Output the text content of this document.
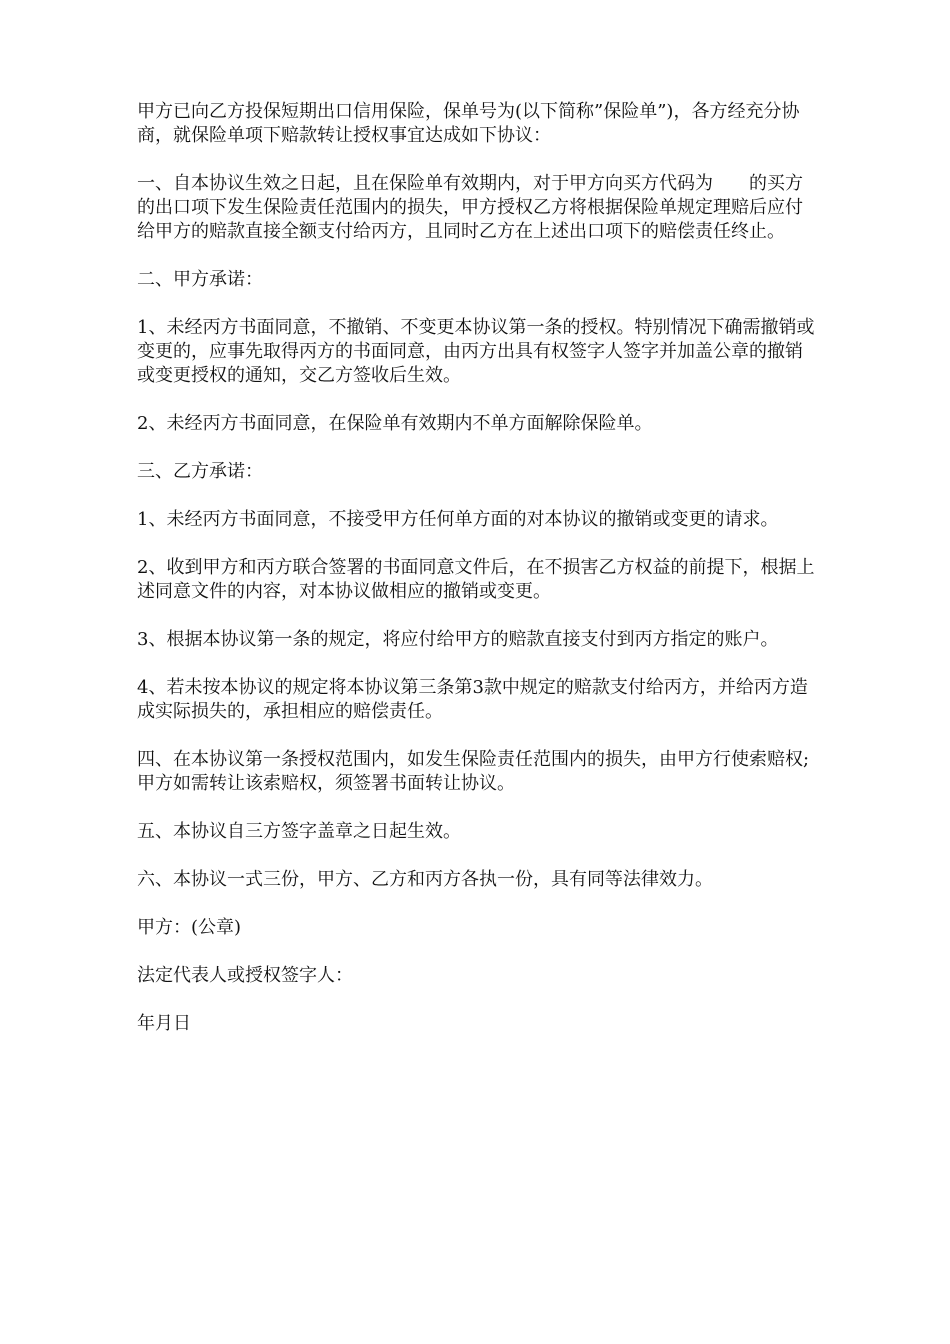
甲方已向乙方投保短期出口信用保险，保单号为(以下简称”保险单”)，各方经充分协商，就保险单项下赔款转让授权事宜达成如下协议：

一、自本协议生效之日起，且在保险单有效期内，对于甲方向买方代码为　　的买方的出口项下发生保险责任范围内的损失，甲方授权乙方将根据保险单规定理赔后应付给甲方的赔款直接全额支付给丙方，且同时乙方在上述出口项下的赔偿责任终止。

二、甲方承诺：

1、未经丙方书面同意，不撤销、不变更本协议第一条的授权。特别情况下确需撤销或变更的，应事先取得丙方的书面同意，由丙方出具有权签字人签字并加盖公章的撤销或变更授权的通知，交乙方签收后生效。

2、未经丙方书面同意，在保险单有效期内不单方面解除保险单。

三、乙方承诺：

1、未经丙方书面同意，不接受甲方任何单方面的对本协议的撤销或变更的请求。

2、收到甲方和丙方联合签署的书面同意文件后，在不损害乙方权益的前提下，根据上述同意文件的内容，对本协议做相应的撤销或变更。

3、根据本协议第一条的规定，将应付给甲方的赔款直接支付到丙方指定的账户。

4、若未按本协议的规定将本协议第三条第3款中规定的赔款支付给丙方，并给丙方造成实际损失的，承担相应的赔偿责任。

四、在本协议第一条授权范围内，如发生保险责任范围内的损失，由甲方行使索赔权;甲方如需转让该索赔权，须签署书面转让协议。

五、本协议自三方签字盖章之日起生效。

六、本协议一式三份，甲方、乙方和丙方各执一份，具有同等法律效力。

甲方：(公章)

法定代表人或授权签字人：

年月日
